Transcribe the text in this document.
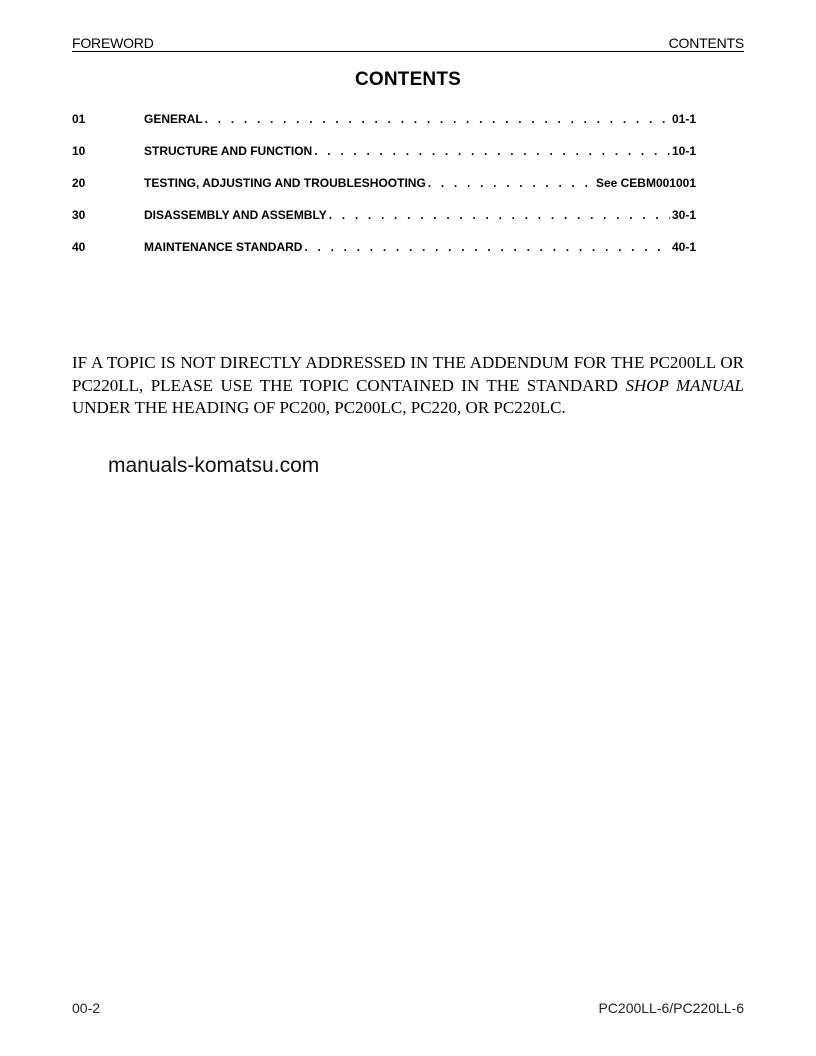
FOREWORD	CONTENTS
CONTENTS
01	GENERAL . . .	01-1
10	STRUCTURE AND FUNCTION . . .	10-1
20	TESTING, ADJUSTING AND TROUBLESHOOTING . . .	See CEBM001001
30	DISASSEMBLY AND ASSEMBLY . . .	30-1
40	MAINTENANCE STANDARD . . .	40-1

IF A TOPIC IS NOT DIRECTLY ADDRESSED IN THE ADDENDUM FOR THE PC200LL OR PC220LL, PLEASE USE THE TOPIC CONTAINED IN THE STANDARD SHOP MANUAL UNDER THE HEADING OF PC200, PC200LC, PC220, OR PC220LC.

manuals-komatsu.com
00-2	PC200LL-6/PC220LL-6
